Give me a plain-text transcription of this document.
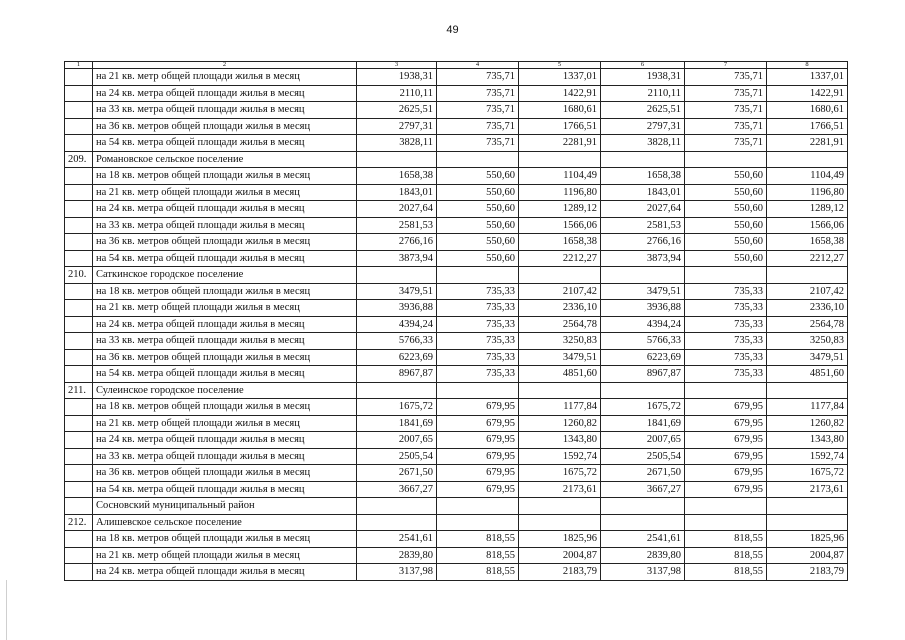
49
1	2	3	4	5	6	7	8
	на 21 кв. метр общей площади жилья в месяц	1938,31	735,71	1337,01	1938,31	735,71	1337,01
	на 24 кв. метра общей площади жилья в месяц	2110,11	735,71	1422,91	2110,11	735,71	1422,91
	на 33 кв. метра общей площади жилья в месяц	2625,51	735,71	1680,61	2625,51	735,71	1680,61
	на 36 кв. метров общей площади жилья в месяц	2797,31	735,71	1766,51	2797,31	735,71	1766,51
	на 54 кв. метра общей площади жилья в месяц	3828,11	735,71	2281,91	3828,11	735,71	2281,91
209.	Романовское сельское поселение						
	на 18 кв. метров общей площади жилья в месяц	1658,38	550,60	1104,49	1658,38	550,60	1104,49
	на 21 кв. метр общей площади жилья в месяц	1843,01	550,60	1196,80	1843,01	550,60	1196,80
	на 24 кв. метра общей площади жилья в месяц	2027,64	550,60	1289,12	2027,64	550,60	1289,12
	на 33 кв. метра общей площади жилья в месяц	2581,53	550,60	1566,06	2581,53	550,60	1566,06
	на 36 кв. метров общей площади жилья в месяц	2766,16	550,60	1658,38	2766,16	550,60	1658,38
	на 54 кв. метра общей площади жилья в месяц	3873,94	550,60	2212,27	3873,94	550,60	2212,27
210.	Саткинское городское поселение						
	на 18 кв. метров общей площади жилья в месяц	3479,51	735,33	2107,42	3479,51	735,33	2107,42
	на 21 кв. метр общей площади жилья в месяц	3936,88	735,33	2336,10	3936,88	735,33	2336,10
	на 24 кв. метра общей площади жилья в месяц	4394,24	735,33	2564,78	4394,24	735,33	2564,78
	на 33 кв. метра общей площади жилья в месяц	5766,33	735,33	3250,83	5766,33	735,33	3250,83
	на 36 кв. метров общей площади жилья в месяц	6223,69	735,33	3479,51	6223,69	735,33	3479,51
	на 54 кв. метра общей площади жилья в месяц	8967,87	735,33	4851,60	8967,87	735,33	4851,60
211.	Сулеинское городское поселение						
	на 18 кв. метров общей площади жилья в месяц	1675,72	679,95	1177,84	1675,72	679,95	1177,84
	на 21 кв. метр общей площади жилья в месяц	1841,69	679,95	1260,82	1841,69	679,95	1260,82
	на 24 кв. метра общей площади жилья в месяц	2007,65	679,95	1343,80	2007,65	679,95	1343,80
	на 33 кв. метра общей площади жилья в месяц	2505,54	679,95	1592,74	2505,54	679,95	1592,74
	на 36 кв. метров общей площади жилья в месяц	2671,50	679,95	1675,72	2671,50	679,95	1675,72
	на 54 кв. метра общей площади жилья в месяц	3667,27	679,95	2173,61	3667,27	679,95	2173,61
	Сосновский муниципальный район						
212.	Алишевское сельское поселение						
	на 18 кв. метров общей площади жилья в месяц	2541,61	818,55	1825,96	2541,61	818,55	1825,96
	на 21 кв. метр общей площади жилья в месяц	2839,80	818,55	2004,87	2839,80	818,55	2004,87
	на 24 кв. метра общей площади жилья в месяц	3137,98	818,55	2183,79	3137,98	818,55	2183,79
